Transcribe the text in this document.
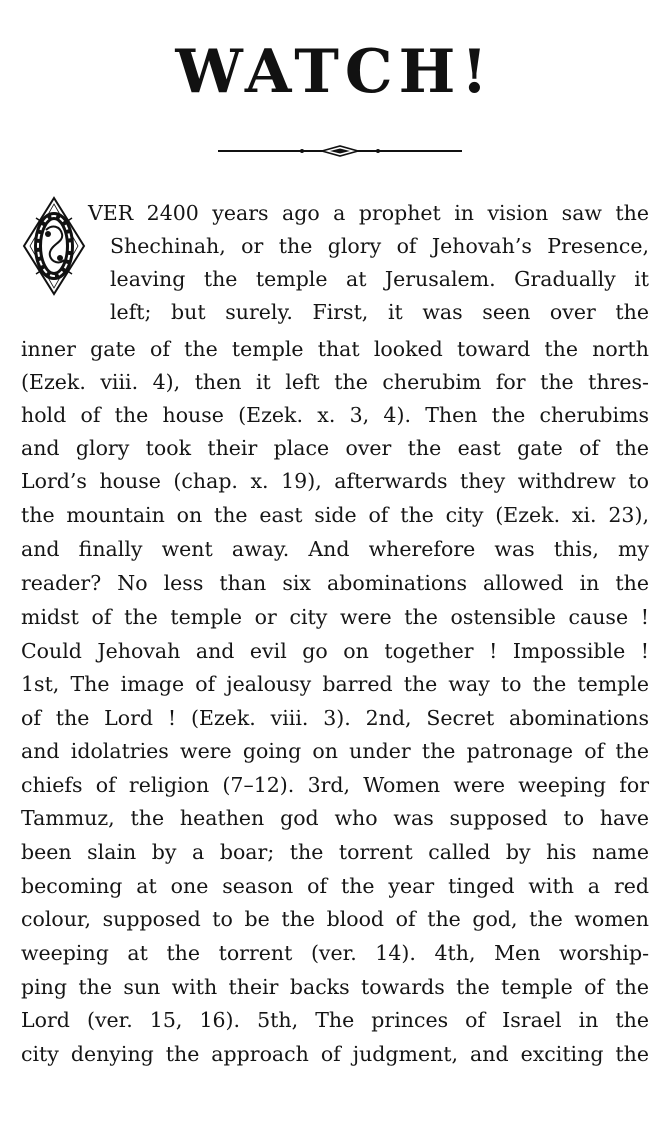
WATCH!
VER 2400 years ago a prophet in vision saw the
Shechinah, or the glory of Jehovah’s Presence,
leaving the temple at Jerusalem. Gradually it
left; but surely. First, it was seen over the
inner gate of the temple that looked toward the north
(Ezek. viii. 4), then it left the cherubim for the thres-
hold of the house (Ezek. x. 3, 4). Then the cherubims
and glory took their place over the east gate of the
Lord’s house (chap. x. 19), afterwards they withdrew to
the mountain on the east side of the city (Ezek. xi. 23),
and finally went away. And wherefore was this, my
reader? No less than six abominations allowed in the
midst of the temple or city were the ostensible cause !
Could Jehovah and evil go on together ! Impossible !
1st, The image of jealousy barred the way to the temple
of the Lord ! (Ezek. viii. 3). 2nd, Secret abominations
and idolatries were going on under the patronage of the
chiefs of religion (7–12). 3rd, Women were weeping for
Tammuz, the heathen god who was supposed to have
been slain by a boar; the torrent called by his name
becoming at one season of the year tinged with a red
colour, supposed to be the blood of the god, the women
weeping at the torrent (ver. 14). 4th, Men worship-
ping the sun with their backs towards the temple of the
Lord (ver. 15, 16). 5th, The princes of Israel in the
city denying the approach of judgment, and exciting the
